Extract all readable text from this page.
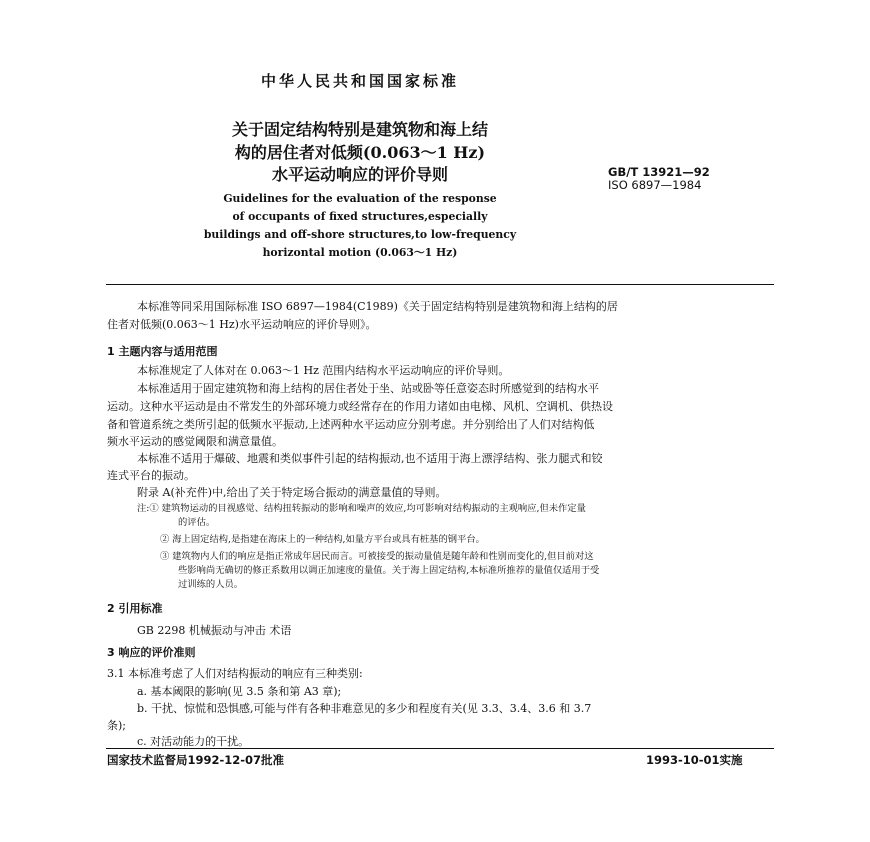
中华人民共和国国家标准
关于固定结构特别是建筑物和海上结
构的居住者对低频(0.063～1 Hz)
水平运动响应的评价导则	GB/T 13921—92
ISO 6897—1984
Guidelines for the evaluation of the response
of occupants of fixed structures,especially
buildings and off-shore structures,to low-frequency
horizontal motion (0.063～1 Hz)
本标准等同采用国际标准 ISO 6897—1984(C1989)《关于固定结构特别是建筑物和海上结构的居
住者对低频(0.063～1 Hz)水平运动响应的评价导则》。
1 主题内容与适用范围
本标准规定了人体对在 0.063～1 Hz 范围内结构水平运动响应的评价导则。
本标准适用于固定建筑物和海上结构的居住者处于坐、站或卧等任意姿态时所感觉到的结构水平
运动。这种水平运动是由不常发生的外部环境力或经常存在的作用力诸如由电梯、风机、空调机、供热设
备和管道系统之类所引起的低频水平振动,上述两种水平运动应分别考虑。并分别给出了人们对结构低
频水平运动的感觉阈限和满意量值。
本标准不适用于爆破、地震和类似事件引起的结构振动,也不适用于海上漂浮结构、张力腿式和铰
连式平台的振动。
附录 A(补充件)中,给出了关于特定场合振动的满意量值的导则。
注:① 建筑物运动的目视感觉、结构扭转振动的影响和噪声的效应,均可影响对结构振动的主观响应,但未作定量
的评估。
② 海上固定结构,是指建在海床上的一种结构,如量方平台或具有桩基的钢平台。
③ 建筑物内人们的响应是指正常成年居民而言。可被接受的振动量值是随年龄和性别而变化的,但目前对这
些影响尚无确切的修正系数用以调正加速度的量值。关于海上固定结构,本标准所推荐的量值仅适用于受
过训练的人员。
2 引用标准
GB 2298 机械振动与冲击 术语
3 响应的评价准则
3.1 本标准考虑了人们对结构振动的响应有三种类别:
a. 基本阈限的影响(见 3.5 条和第 A3 章);
b. 干扰、惊慌和恐惧感,可能与伴有各种非难意见的多少和程度有关(见 3.3、3.4、3.6 和 3.7
条);
c. 对活动能力的干扰。
国家技术监督局1992-12-07批准	1993-10-01实施
